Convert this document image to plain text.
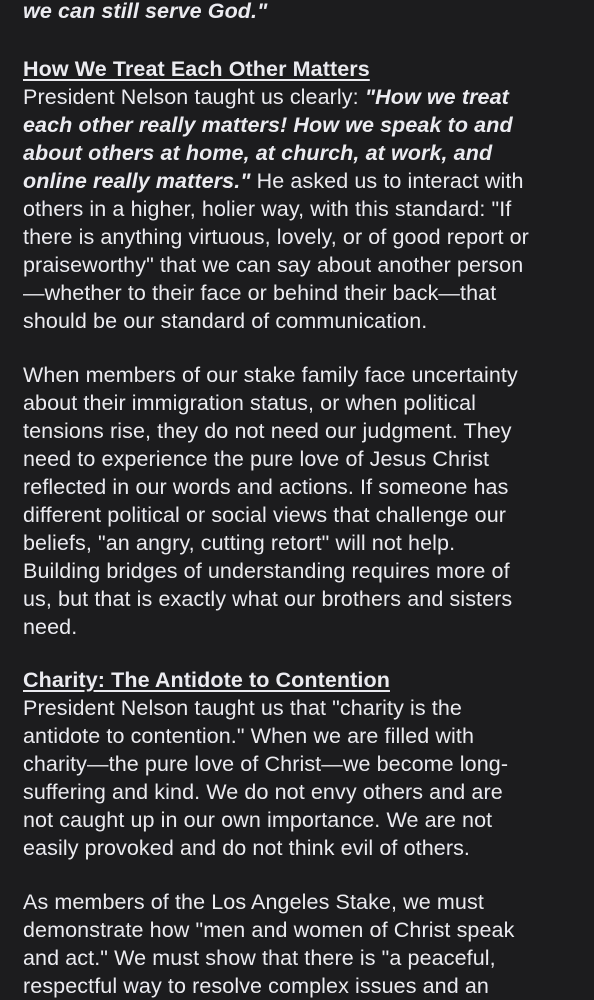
we can still serve God."
How We Treat Each Other Matters
President Nelson taught us clearly: "How we treat
each other really matters! How we speak to and
about others at home, at church, at work, and
online really matters." He asked us to interact with
others in a higher, holier way, with this standard: "If
there is anything virtuous, lovely, or of good report or
praiseworthy" that we can say about another person
—whether to their face or behind their back—that
should be our standard of communication.
When members of our stake family face uncertainty
about their immigration status, or when political
tensions rise, they do not need our judgment. They
need to experience the pure love of Jesus Christ
reflected in our words and actions. If someone has
different political or social views that challenge our
beliefs, "an angry, cutting retort" will not help.
Building bridges of understanding requires more of
us, but that is exactly what our brothers and sisters
need.
Charity: The Antidote to Contention
President Nelson taught us that "charity is the
antidote to contention." When we are filled with
charity—the pure love of Christ—we become long-
suffering and kind. We do not envy others and are
not caught up in our own importance. We are not
easily provoked and do not think evil of others.
As members of the Los Angeles Stake, we must
demonstrate how "men and women of Christ speak
and act." We must show that there is "a peaceful,
respectful way to resolve complex issues and an
